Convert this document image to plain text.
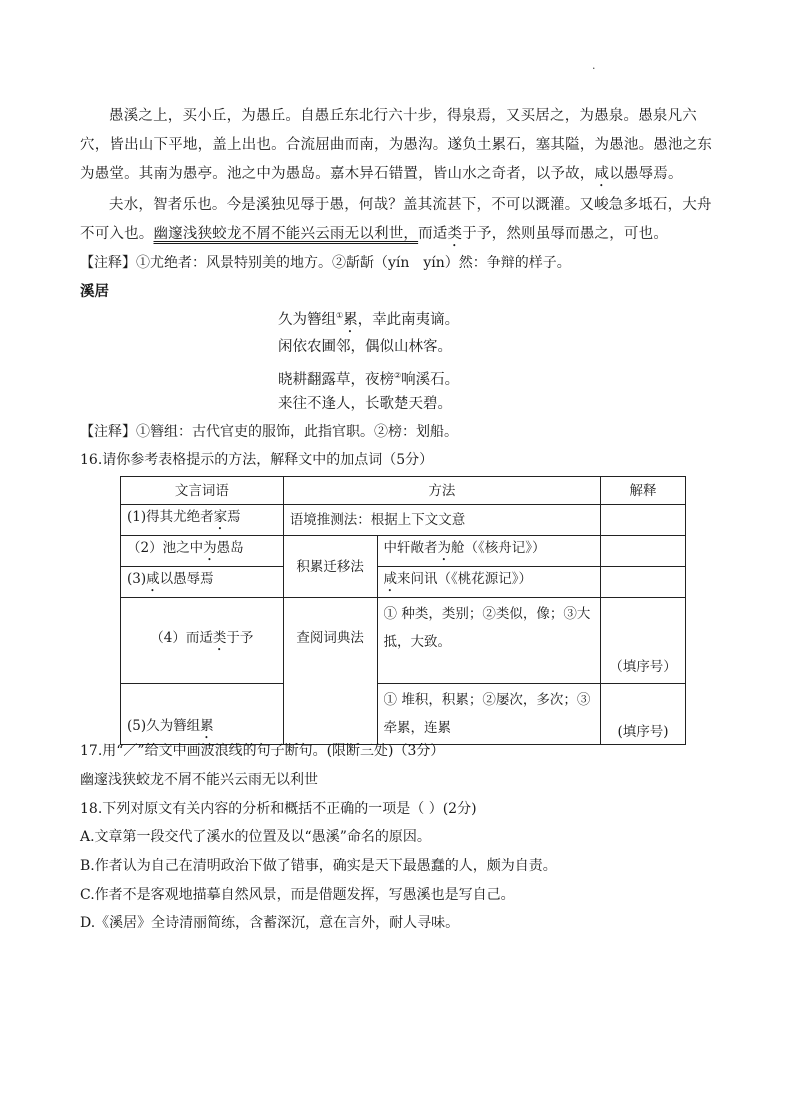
·
愚溪之上，买小丘，为愚丘。自愚丘东北行六十步，得泉焉，又买居之，为愚泉。愚泉凡六穴，皆出山下平地，盖上出也。合流屈曲而南，为愚沟。遂负土累石，塞其隘，为愚池。愚池之东为愚堂。其南为愚亭。池之中为愚岛。嘉木异石错置，皆山水之奇者，以予故，咸以愚辱焉。
夫水，智者乐也。今是溪独见辱于愚，何哉？盖其流甚下，不可以溉灌。又峻急多坻石，大舟不可入也。幽邃浅狭蛟龙不屑不能兴云雨无以利世，而适类于予，然则虽辱而愚之，可也。
【注释】①尤绝者：风景特别美的地方。②龂龂（yín　yín）然：争辩的样子。
溪居
久为簪组①累，幸此南夷谪。
闲依农圃邻，偶似山林客。
晓耕翻露草，夜榜②响溪石。
来往不逢人，长歌楚天碧。
【注释】①簪组：古代官吏的服饰，此指官职。②榜：划船。
16.请你参考表格提示的方法，解释文中的加点词（5分）
文言词语	方法		解释
(1)得其尤绝者家焉	语境推测法：根据上下文文意		
（2）池之中为愚岛	积累迁移法	中轩敞者为舱（《核舟记》）	
(3)咸以愚辱焉		咸来问讯（《桃花源记》）	
（4）而适类于予	查阅词典法	① 种类，类别；②类似，像；③大抵，大致。	（填序号）
(5)久为簪组累		① 堆积，积累；②屡次，多次；③牵累，连累	(填序号)
17.用“／”给文中画波浪线的句子断句。(限断三处)（3分）
幽邃浅狭蛟龙不屑不能兴云雨无以利世
18.下列对原文有关内容的分析和概括不正确的一项是（ ）(2分)
A.文章第一段交代了溪水的位置及以“愚溪”命名的原因。
B.作者认为自己在清明政治下做了错事，确实是天下最愚蠢的人，颇为自责。
C.作者不是客观地描摹自然风景，而是借题发挥，写愚溪也是写自己。
D.《溪居》全诗清丽简练，含蓄深沉，意在言外，耐人寻味。
